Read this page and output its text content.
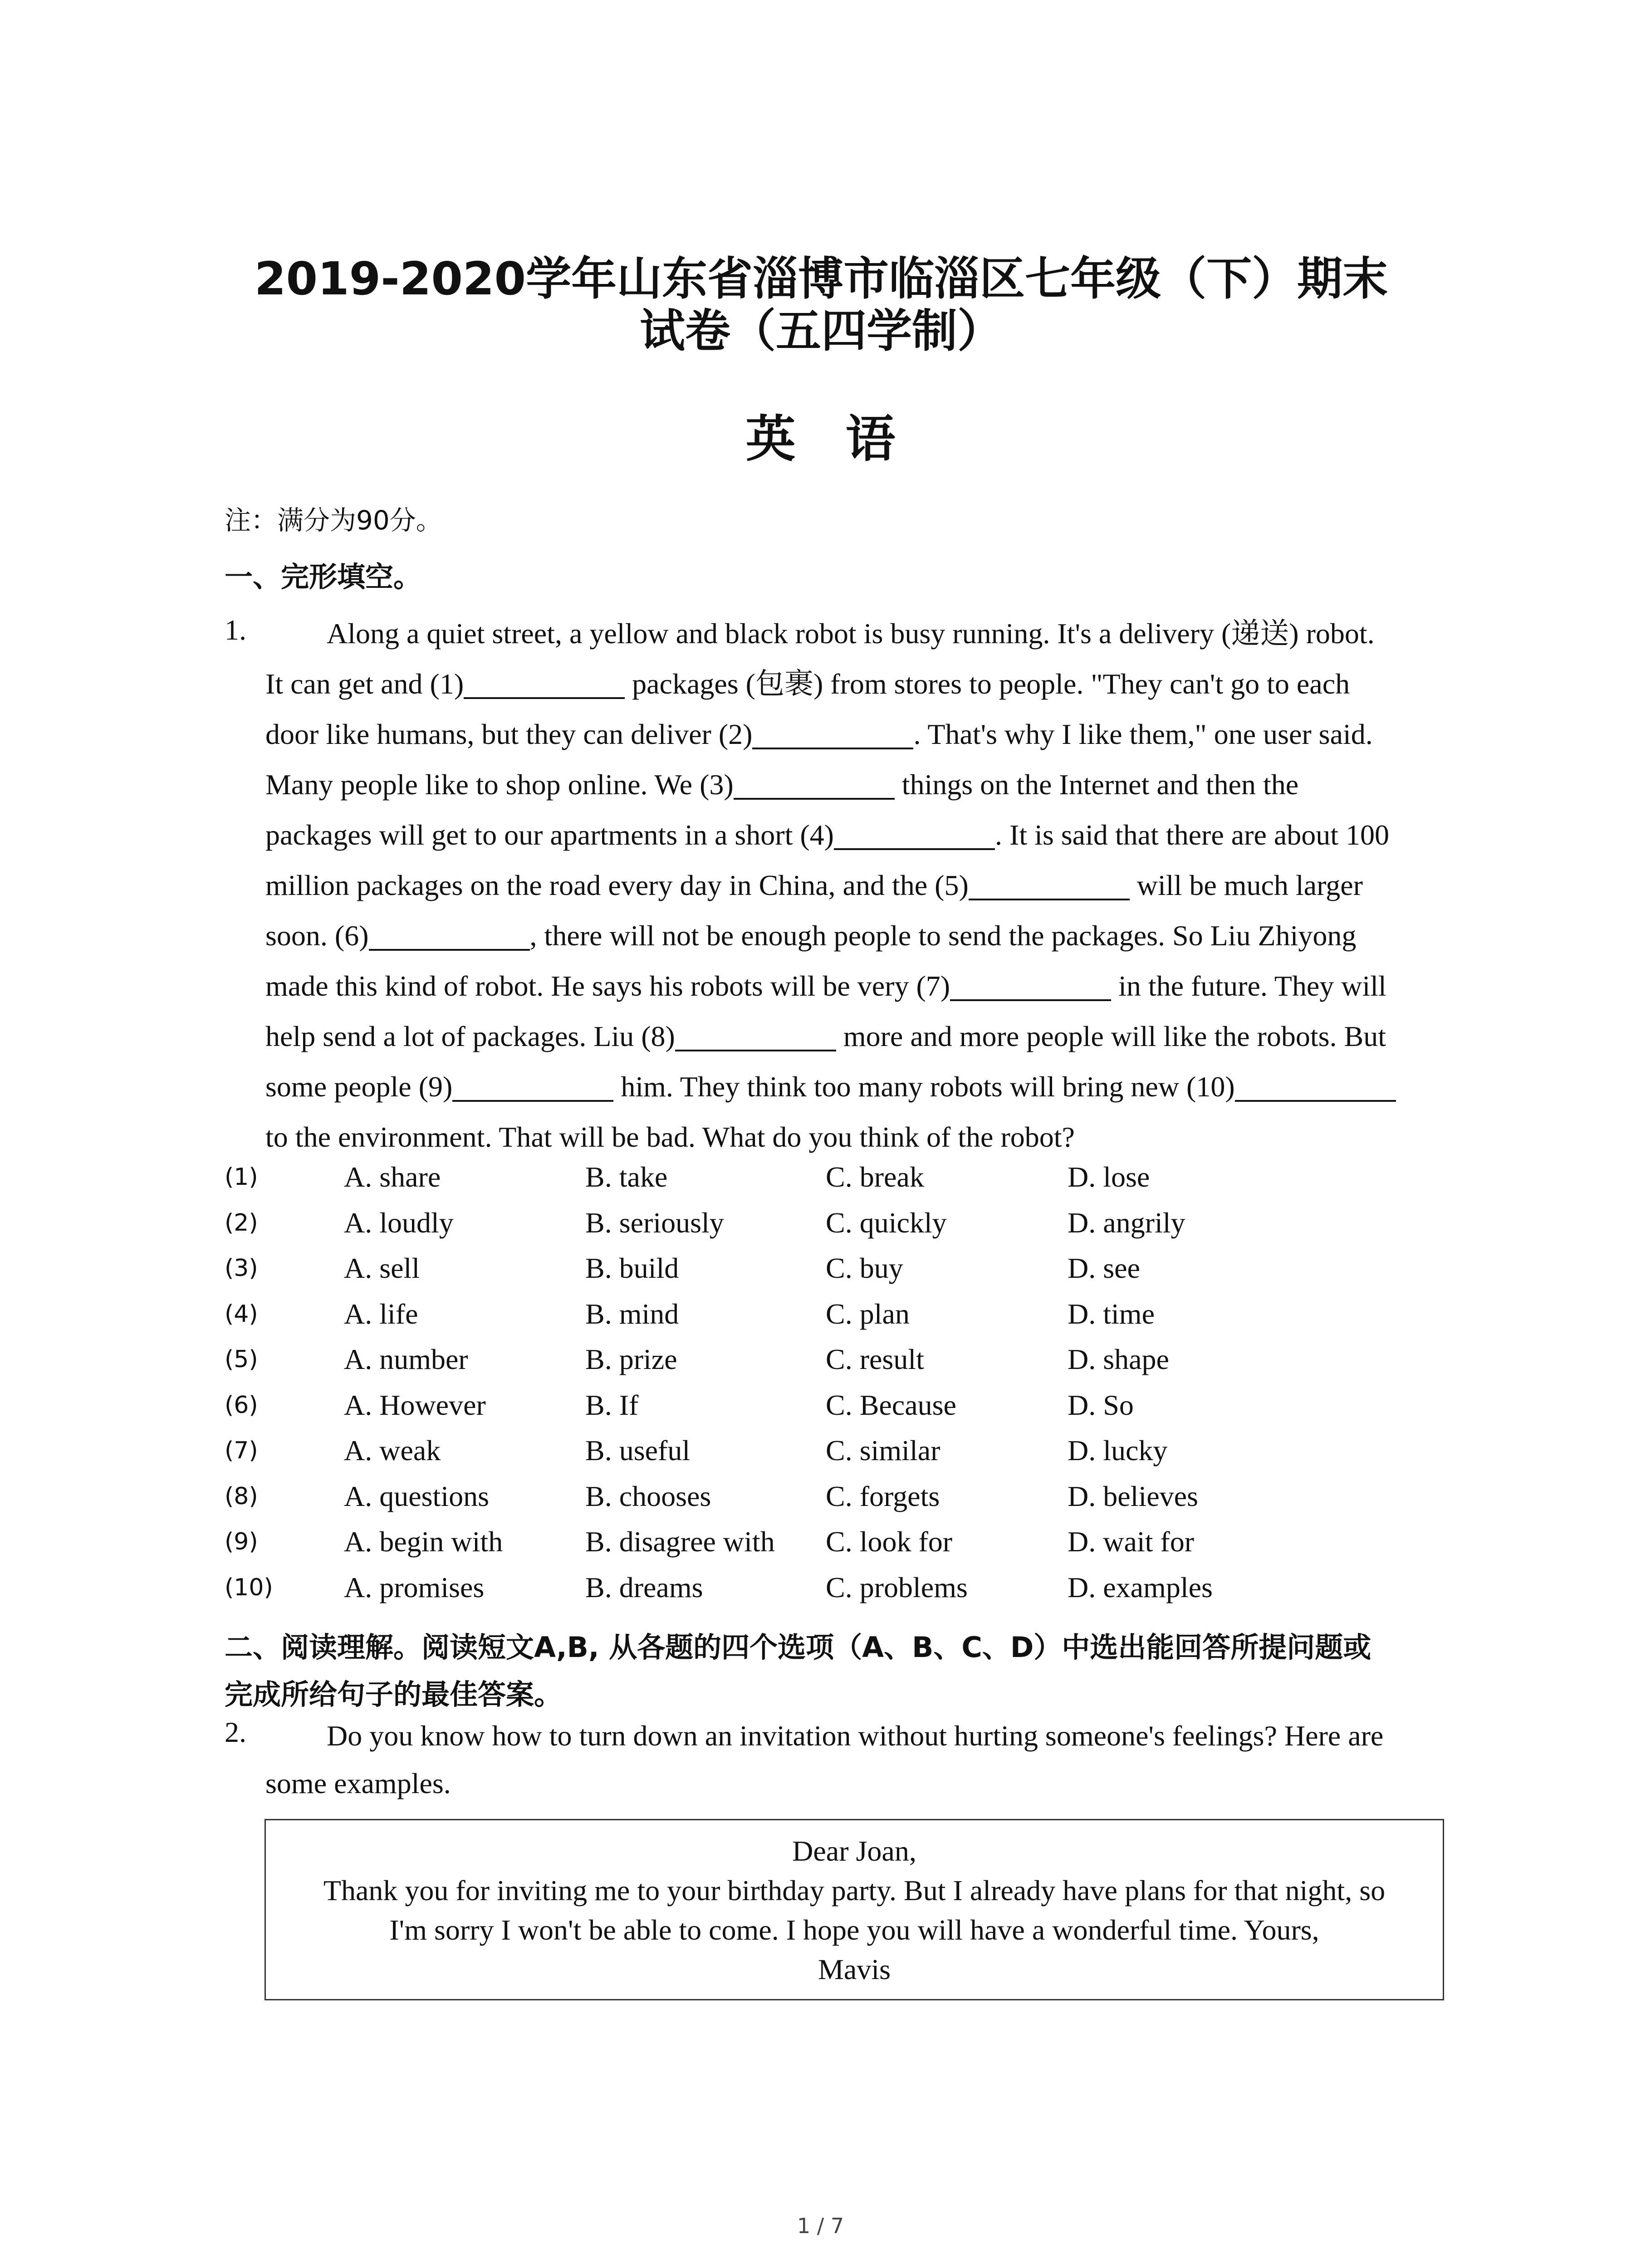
2019-2020学年山东省淄博市临淄区七年级（下）期末
试卷（五四学制）
英语
注：满分为90分。
一、完形填空。
1.	Along a quiet street, a yellow and black robot is busy running. It's a delivery (递送) robot.
It can get and (1)	packages (包裹) from stores to people. "They can't go to each
door like humans, but they can deliver (2)	. That's why I like them," one user said.
Many people like to shop online. We (3)	things on the Internet and then the
packages will get to our apartments in a short (4)	. It is said that there are about 100
million packages on the road every day in China, and the (5)	will be much larger
soon. (6)	, there will not be enough people to send the packages. So Liu Zhiyong
made this kind of robot. He says his robots will be very (7)	in the future. They will
help send a lot of packages. Liu (8)	more and more people will like the robots. But
some people (9)	him. They think too many robots will bring new (10)
to the environment. That will be bad. What do you think of the robot?
(1)	A. share	B. take	C. break	D. lose
(2)	A. loudly	B. seriously	C. quickly	D. angrily
(3)	A. sell	B. build	C. buy	D. see
(4)	A. life	B. mind	C. plan	D. time
(5)	A. number	B. prize	C. result	D. shape
(6)	A. However	B. If	C. Because	D. So
(7)	A. weak	B. useful	C. similar	D. lucky
(8)	A. questions	B. chooses	C. forgets	D. believes
(9)	A. begin with	B. disagree with C. look for	D. wait for
(10) A. promises	B. dreams	C. problems	D. examples
二、阅读理解。阅读短文A,B, 从各题的四个选项（A、B、C、D）中选出能回答所提问题或
完成所给句子的最佳答案。
2.	Do you know how to turn down an invitation without hurting someone's feelings? Here are
some examples.
Dear Joan,
Thank you for inviting me to your birthday party. But I already have plans for that night, so
I'm sorry I won't be able to come. I hope you will have a wonderful time. Yours,
Mavis
1 / 7
